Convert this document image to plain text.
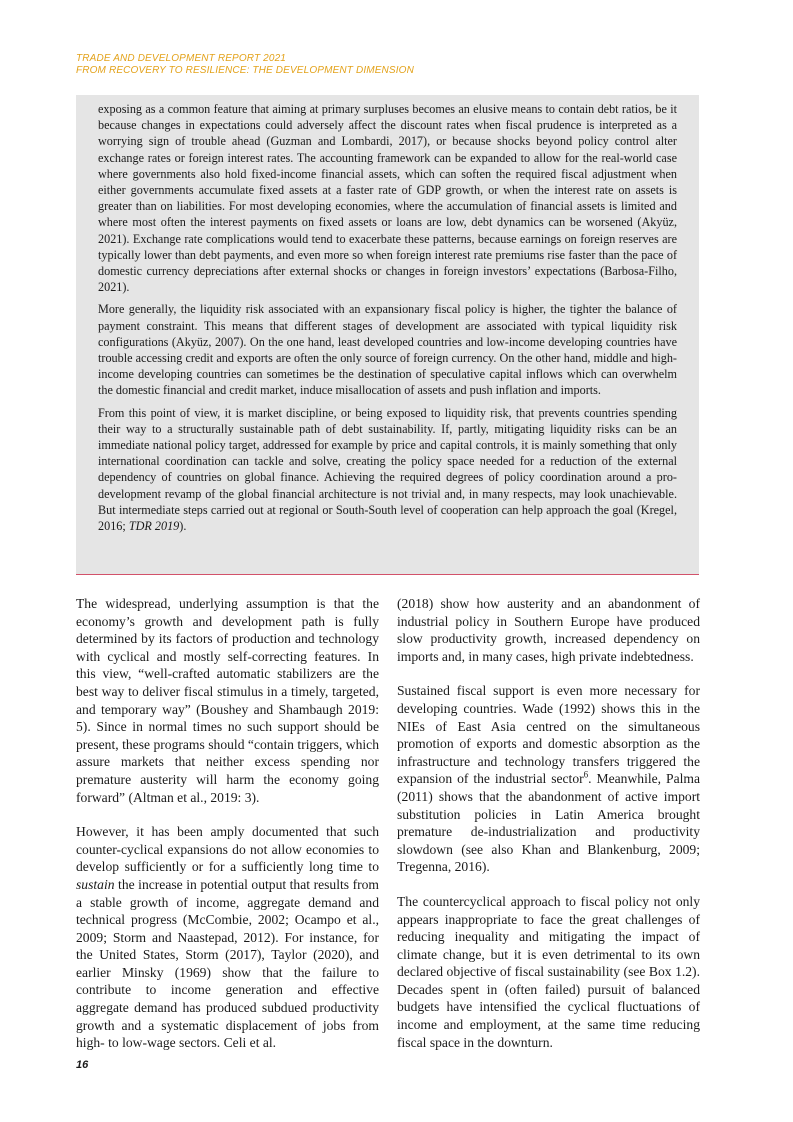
TRADE AND DEVELOPMENT REPORT 2021
FROM RECOVERY TO RESILIENCE: THE DEVELOPMENT DIMENSION

exposing as a common feature that aiming at primary surpluses becomes an elusive means to contain debt ratios, be it because changes in expectations could adversely affect the discount rates when fiscal prudence is interpreted as a worrying sign of trouble ahead (Guzman and Lombardi, 2017), or because shocks beyond policy control alter exchange rates or foreign interest rates. The accounting framework can be expanded to allow for the real-world case where governments also hold fixed-income financial assets, which can soften the required fiscal adjustment when either governments accumulate fixed assets at a faster rate of GDP growth, or when the interest rate on assets is greater than on liabilities. For most developing economies, where the accumulation of financial assets is limited and where most often the interest payments on fixed assets or loans are low, debt dynamics can be worsened (Akyüz, 2021). Exchange rate complications would tend to exacerbate these patterns, because earnings on foreign reserves are typically lower than debt payments, and even more so when foreign interest rate premiums rise faster than the pace of domestic currency depreciations after external shocks or changes in foreign investors’ expectations (Barbosa-Filho, 2021).

More generally, the liquidity risk associated with an expansionary fiscal policy is higher, the tighter the balance of payment constraint. This means that different stages of development are associated with typical liquidity risk configurations (Akyüz, 2007). On the one hand, least developed countries and low-income developing countries have trouble accessing credit and exports are often the only source of foreign currency. On the other hand, middle and high-income developing countries can sometimes be the destination of speculative capital inflows which can overwhelm the domestic financial and credit market, induce misallocation of assets and push inflation and imports.

From this point of view, it is market discipline, or being exposed to liquidity risk, that prevents countries spending their way to a structurally sustainable path of debt sustainability. If, partly, mitigating liquidity risks can be an immediate national policy target, addressed for example by price and capital controls, it is mainly something that only international coordination can tackle and solve, creating the policy space needed for a reduction of the external dependency of countries on global finance. Achieving the required degrees of policy coordination around a pro-development revamp of the global financial architecture is not trivial and, in many respects, may look unachievable. But intermediate steps carried out at regional or South-South level of cooperation can help approach the goal (Kregel, 2016; TDR 2019).

The widespread, underlying assumption is that the economy’s growth and development path is fully determined by its factors of production and technology with cyclical and mostly self-correcting features. In this view, “well-crafted automatic stabilizers are the best way to deliver fiscal stimulus in a timely, targeted, and temporary way” (Boushey and Shambaugh 2019: 5). Since in normal times no such support should be present, these programs should “contain triggers, which assure markets that neither excess spending nor premature austerity will harm the economy going forward” (Altman et al., 2019: 3).

However, it has been amply documented that such counter-cyclical expansions do not allow economies to develop sufficiently or for a sufficiently long time to sustain the increase in potential output that results from a stable growth of income, aggregate demand and technical progress (McCombie, 2002; Ocampo et al., 2009; Storm and Naastepad, 2012). For instance, for the United States, Storm (2017), Taylor (2020), and earlier Minsky (1969) show that the failure to contribute to income generation and effective aggregate demand has produced subdued productivity growth and a systematic displacement of jobs from high- to low-wage sectors. Celi et al.

(2018) show how austerity and an abandonment of industrial policy in Southern Europe have produced slow productivity growth, increased dependency on imports and, in many cases, high private indebtedness.

Sustained fiscal support is even more necessary for developing countries. Wade (1992) shows this in the NIEs of East Asia centred on the simultaneous promotion of exports and domestic absorption as the infrastructure and technology transfers triggered the expansion of the industrial sector$^6$. Meanwhile, Palma (2011) shows that the abandonment of active import substitution policies in Latin America brought premature de-industrialization and productivity slowdown (see also Khan and Blankenburg, 2009; Tregenna, 2016).

The countercyclical approach to fiscal policy not only appears inappropriate to face the great challenges of reducing inequality and mitigating the impact of climate change, but it is even detrimental to its own declared objective of fiscal sustainability (see Box 1.2). Decades spent in (often failed) pursuit of balanced budgets have intensified the cyclical fluctuations of income and employment, at the same time reducing fiscal space in the downturn.

16
